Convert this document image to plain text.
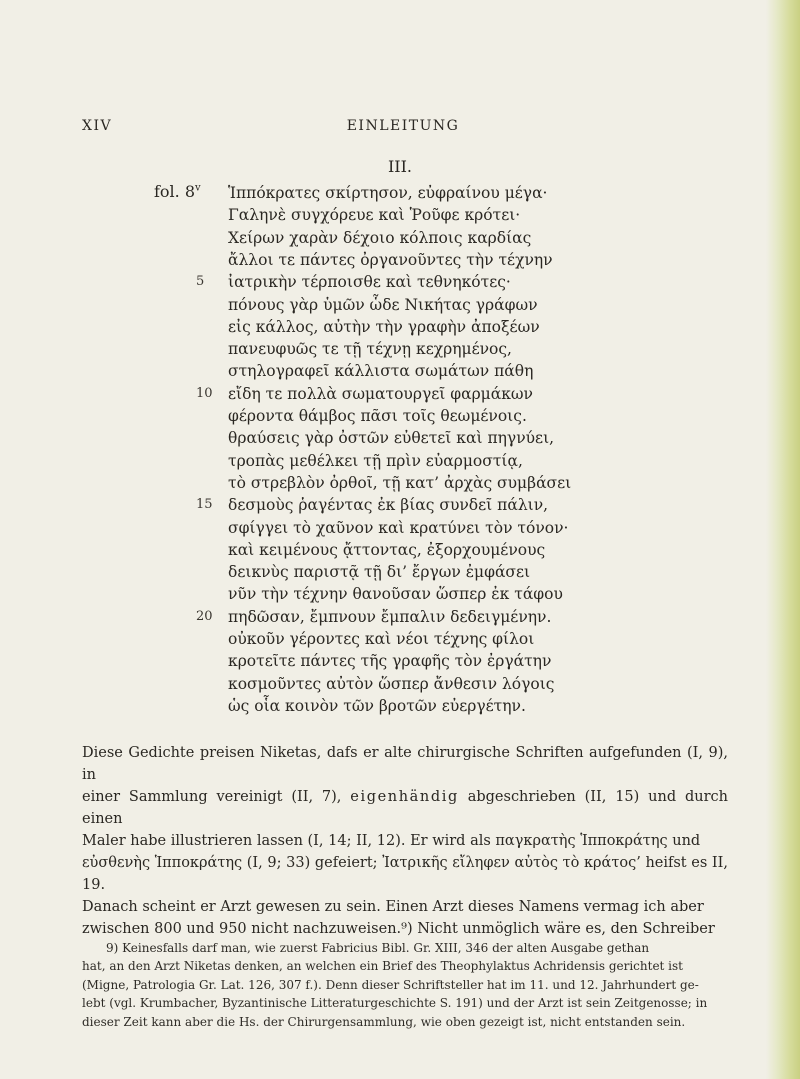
XIV	EINLEITUNG
III.
fol. 8$^v$ Ἱππόκρατες σκίρτησον, εὐφραίνου μέγα·
Γαληνὲ συγχόρευε καὶ Ῥοῦφε κρότει·
Χείρων χαρὰν δέχοιο κόλποις καρδίας
ἄλλοι τε πάντες ὀργανοῦντες τὴν τέχνην
ἰατρικὴν τέρποισθε καὶ τεθνηκότες·
5
πόνους γὰρ ὑμῶν ὧδε Νικήτας γράφων
εἰς κάλλος, αὐτὴν τὴν γραφὴν ἀποξέων
πανευφυῶς τε τῇ τέχνῃ κεχρημένος,
στηλογραφεῖ κάλλιστα σωμάτων πάθη
εἴδη τε πολλὰ σωματουργεῖ φαρμάκων
10
φέροντα θάμβος πᾶσι τοῖς θεωμένοις.
θραύσεις γὰρ ὀστῶν εὐθετεῖ καὶ πηγνύει,
τροπὰς μεθέλκει τῇ πρὶν εὐαρμοστίᾳ,
τὸ στρεβλὸν ὀρθοῖ, τῇ κατ’ ἀρχὰς συμβάσει
δεσμοὺς ῥαγέντας ἐκ βίας συνδεῖ πάλιν,
15
σφίγγει τὸ χαῦνον καὶ κρατύνει τὸν τόνον·
καὶ κειμένους ᾄττοντας, ἐξορχουμένους
δεικνὺς παριστᾷ τῇ δι’ ἔργων ἐμφάσει
νῦν τὴν τέχνην θανοῦσαν ὥσπερ ἐκ τάφου
πηδῶσαν, ἔμπνουν ἔμπαλιν δεδειγμένην.
20
οὐκοῦν γέροντες καὶ νέοι τέχνης φίλοι
κροτεῖτε πάντες τῆς γραφῆς τὸν ἐργάτην
κοσμοῦντες αὐτὸν ὥσπερ ἄνθεσιν λόγοις
ὡς οἷα κοινὸν τῶν βροτῶν εὐεργέτην.
Diese Gedichte preisen Niketas, dafs er alte chirurgische Schriften aufgefunden (I, 9), in
einer Sammlung vereinigt (II, 7), eigenhändig abgeschrieben (II, 15) und durch einen
Maler habe illustrieren lassen (I, 14; II, 12). Er wird als παγκρατὴς Ἱπποκράτης und
εὐσθενὴς Ἱπποκράτης (I, 9; 33) gefeiert; Ἰατρικῆς εἴληφεν αὐτὸς τὸ κράτος’ heifst es II, 19.
Danach scheint er Arzt gewesen zu sein. Einen Arzt dieses Namens vermag ich aber
zwischen 800 und 950 nicht nachzuweisen.⁹) Nicht unmöglich wäre es, den Schreiber
9) Keinesfalls darf man, wie zuerst Fabricius Bibl. Gr. XIII, 346 der alten Ausgabe gethan
hat, an den Arzt Niketas denken, an welchen ein Brief des Theophylaktus Achridensis gerichtet ist
(Migne, Patrologia Gr. Lat. 126, 307 f.). Denn dieser Schriftsteller hat im 11. und 12. Jahrhundert ge-
lebt (vgl. Krumbacher, Byzantinische Litteraturgeschichte S. 191) und der Arzt ist sein Zeitgenosse; in
dieser Zeit kann aber die Hs. der Chirurgensammlung, wie oben gezeigt ist, nicht entstanden sein.
